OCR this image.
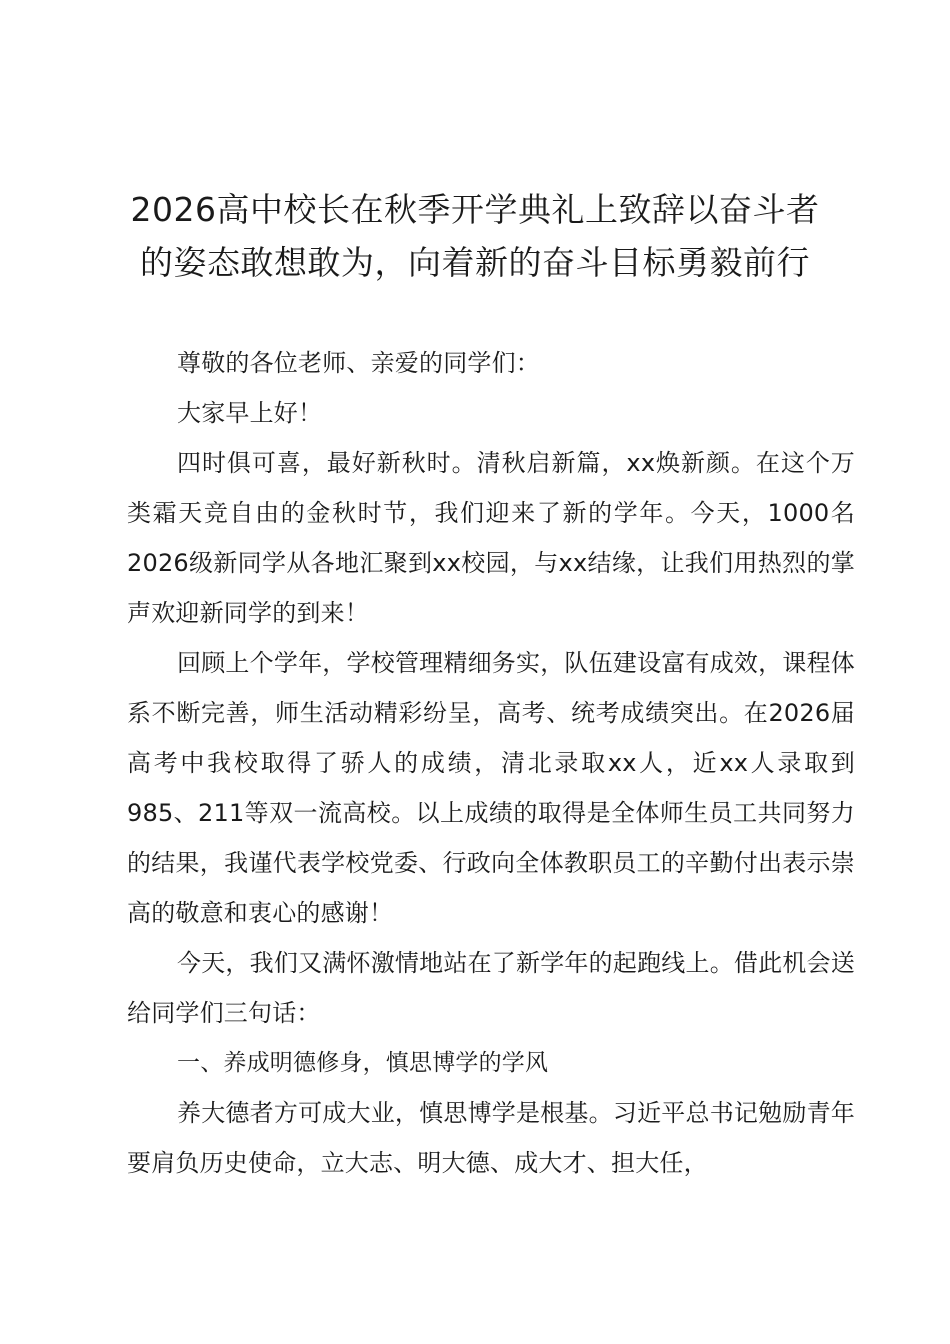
2026高中校长在秋季开学典礼上致辞以奋斗者的姿态敢想敢为，向着新的奋斗目标勇毅前行

尊敬的各位老师、亲爱的同学们：

大家早上好！

四时俱可喜，最好新秋时。清秋启新篇，xx焕新颜。在这个万类霜天竞自由的金秋时节，我们迎来了新的学年。今天，1000名2026级新同学从各地汇聚到xx校园，与xx结缘，让我们用热烈的掌声欢迎新同学的到来！

回顾上个学年，学校管理精细务实，队伍建设富有成效，课程体系不断完善，师生活动精彩纷呈，高考、统考成绩突出。在2026届高考中我校取得了骄人的成绩，清北录取xx人，近xx人录取到985、211等双一流高校。以上成绩的取得是全体师生员工共同努力的结果，我谨代表学校党委、行政向全体教职员工的辛勤付出表示崇高的敬意和衷心的感谢！

今天，我们又满怀激情地站在了新学年的起跑线上。借此机会送给同学们三句话：

一、养成明德修身，慎思博学的学风

养大德者方可成大业，慎思博学是根基。习近平总书记勉励青年要肩负历史使命，立大志、明大德、成大才、担大任，
